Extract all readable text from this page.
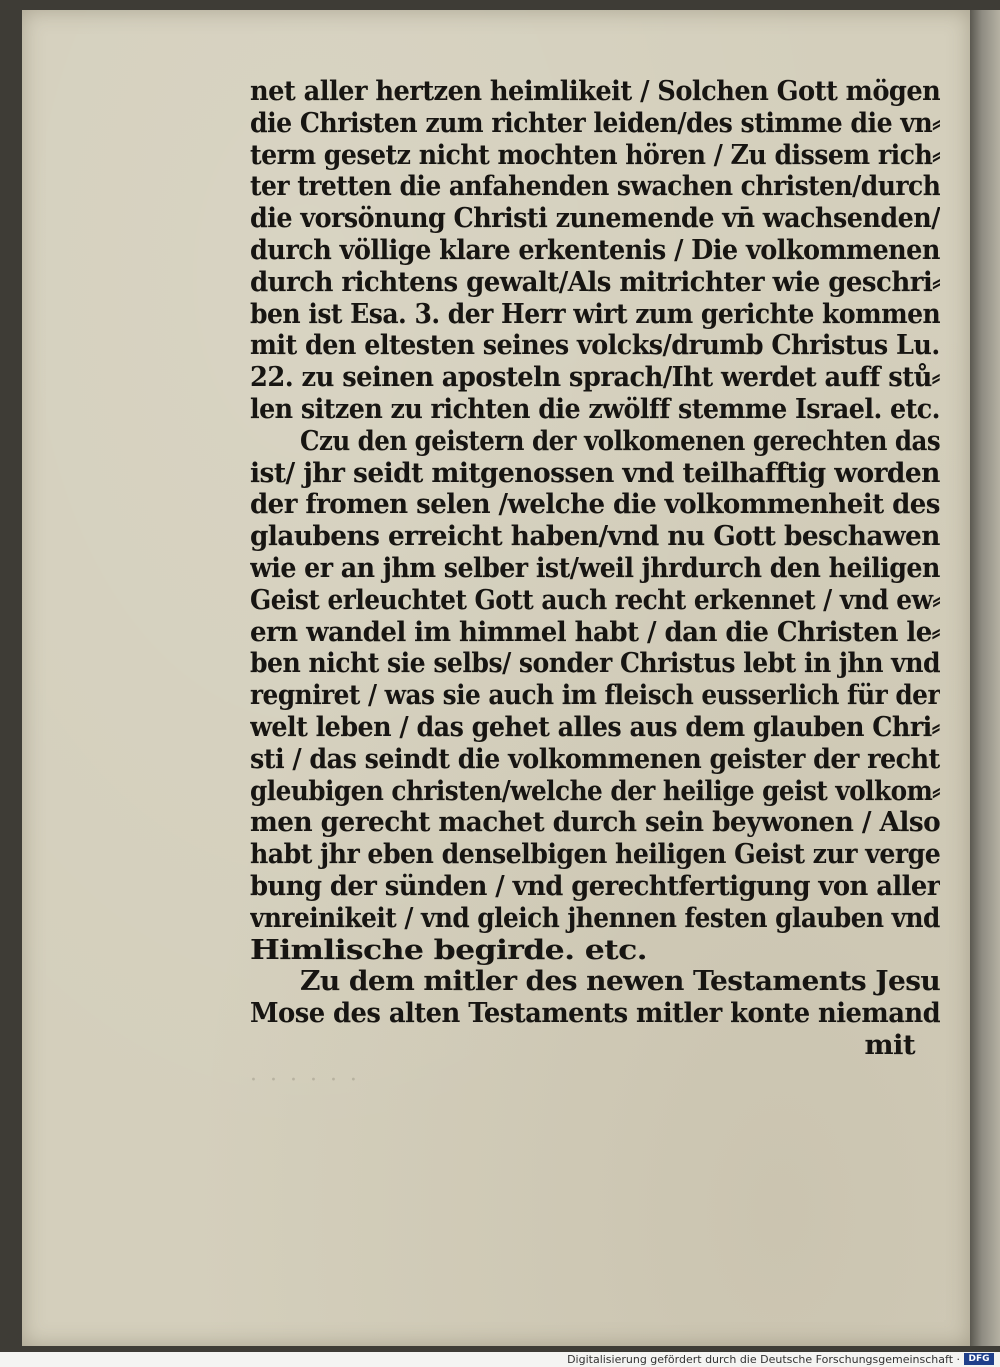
· · · · · ·
net aller hertzen heimlikeit / Solchen Gott mögen
die Christen zum richter leiden/des stimme die vn⸗
term gesetz nicht mochten hören / Zu dissem rich⸗
ter tretten die anfahenden swachen christen/durch
die vorsönung Christi zunemende vn̄ wachsenden/
durch völlige klare erkentenis / Die volkommenen
durch richtens gewalt/Als mitrichter wie geschri⸗
ben ist Esa. 3. der Herr wirt zum gerichte kommen
mit den eltesten seines volcks/drumb Christus Lu.
22. zu seinen aposteln sprach/Iht werdet auff stů⸗
len sitzen zu richten die zwölff stemme Israel. etc.
Czu den geistern der volkomenen gerechten das
ist/ jhr seidt mitgenossen vnd teilhafftig worden
der fromen selen /welche die volkommenheit des
glaubens erreicht haben/vnd nu Gott beschawen
wie er an jhm selber ist/weil jhrdurch den heiligen
Geist erleuchtet Gott auch recht erkennet / vnd ew⸗
ern wandel im himmel habt / dan die Christen le⸗
ben nicht sie selbs/ sonder Christus lebt in jhn vnd
regniret / was sie auch im fleisch eusserlich für der
welt leben / das gehet alles aus dem glauben Chri⸗
sti / das seindt die volkommenen geister der recht
gleubigen christen/welche der heilige geist volkom⸗
men gerecht machet durch sein beywonen / Also
habt jhr eben denselbigen heiligen Geist zur verge
bung der sünden / vnd gerechtfertigung von aller
vnreinikeit / vnd gleich jhennen festen glauben vnd
Himlische begirde. etc.
Zu dem mitler des newen Testaments Jesu
Mose des alten Testaments mitler konte niemand
mit
Digitalisierung gefördert durch die Deutsche Forschungsgemeinschaft · DFG
